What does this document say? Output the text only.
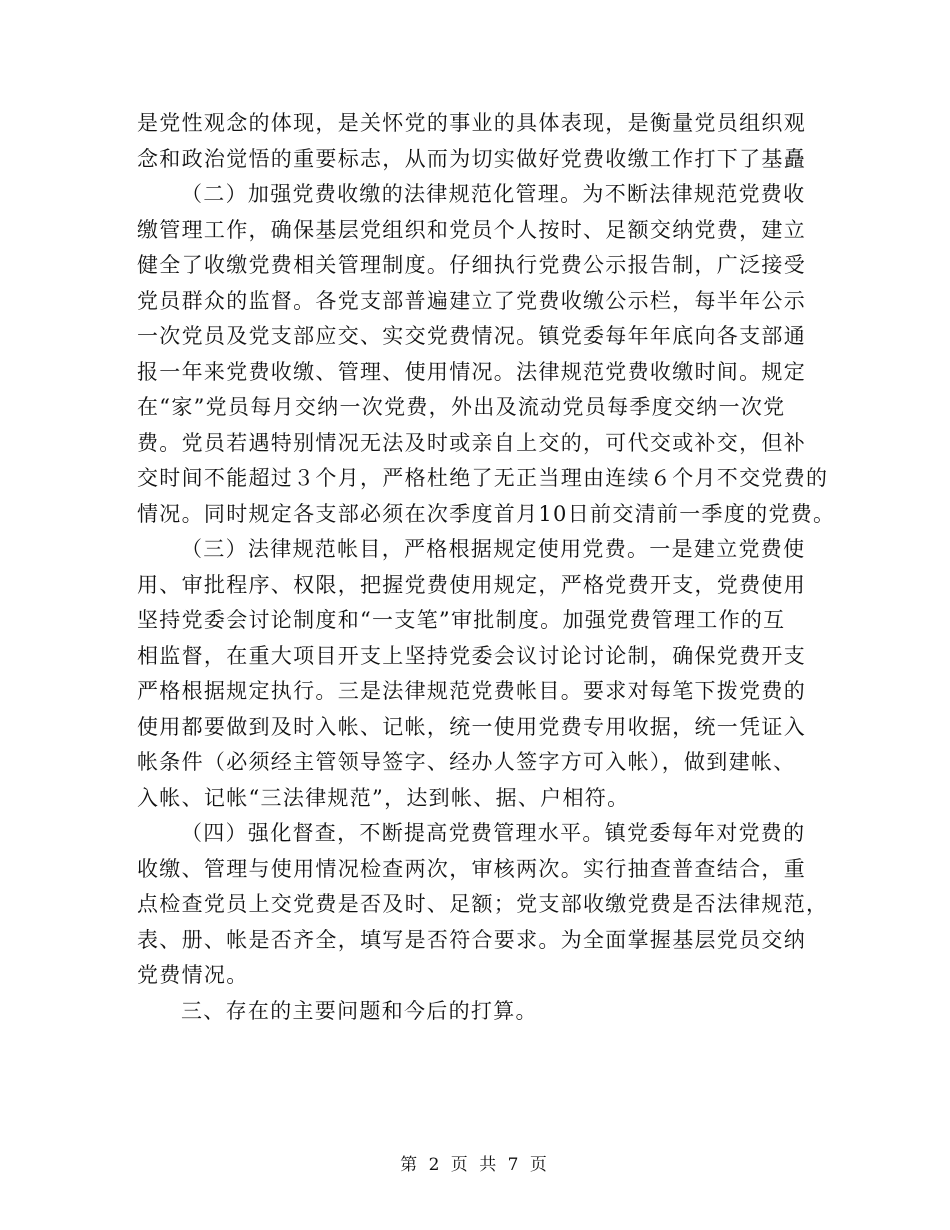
是党性观念的体现，是关怀党的事业的具体表现，是衡量党员组织观
念和政治觉悟的重要标志，从而为切实做好党费收缴工作打下了基矗
（二）加强党费收缴的法律规范化管理。为不断法律规范党费收
缴管理工作，确保基层党组织和党员个人按时、足额交纳党费，建立
健全了收缴党费相关管理制度。仔细执行党费公示报告制，广泛接受
党员群众的监督。各党支部普遍建立了党费收缴公示栏，每半年公示
一次党员及党支部应交、实交党费情况。镇党委每年年底向各支部通
报一年来党费收缴、管理、使用情况。法律规范党费收缴时间。规定
在“家”党员每月交纳一次党费，外出及流动党员每季度交纳一次党
费。党员若遇特别情况无法及时或亲自上交的，可代交或补交，但补
交时间不能超过３个月，严格杜绝了无正当理由连续６个月不交党费的
情况。同时规定各支部必须在次季度首月10日前交清前一季度的党费。
（三）法律规范帐目，严格根据规定使用党费。一是建立党费使
用、审批程序、权限，把握党费使用规定，严格党费开支，党费使用
坚持党委会讨论制度和“一支笔”审批制度。加强党费管理工作的互
相监督，在重大项目开支上坚持党委会议讨论讨论制，确保党费开支
严格根据规定执行。三是法律规范党费帐目。要求对每笔下拨党费的
使用都要做到及时入帐、记帐，统一使用党费专用收据，统一凭证入
帐条件（必须经主管领导签字、经办人签字方可入帐），做到建帐、
入帐、记帐“三法律规范”，达到帐、据、户相符。
（四）强化督查，不断提高党费管理水平。镇党委每年对党费的
收缴、管理与使用情况检查两次，审核两次。实行抽查普查结合，重
点检查党员上交党费是否及时、足额；党支部收缴党费是否法律规范，
表、册、帐是否齐全，填写是否符合要求。为全面掌握基层党员交纳
党费情况。
三、存在的主要问题和今后的打算。
第 2 页 共 7 页
